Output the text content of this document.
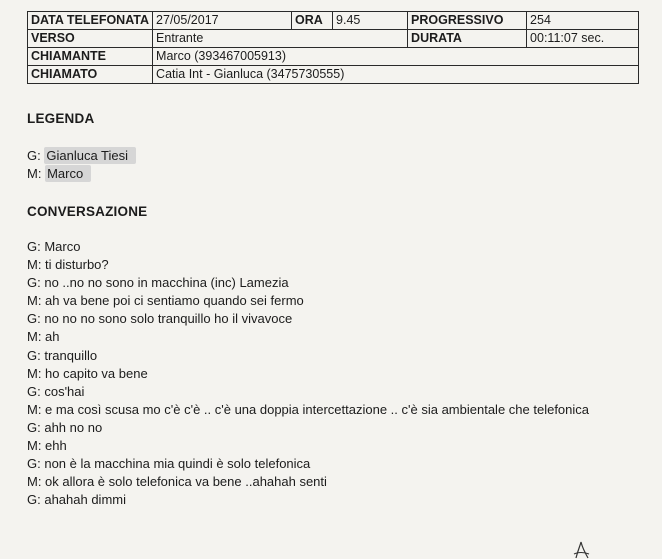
DATA TELEFONATA	27/05/2017	ORA	9.45	PROGRESSIVO	254
VERSO	Entrante			DURATA	00:11:07 sec.
CHIAMANTE	Marco (393467005913)				
CHIAMATO	Catia Int - Gianluca (3475730555)				
LEGENDA
G: Gianluca Tiesi
M: Marco
CONVERSAZIONE
G: Marco
M: ti disturbo?
G: no ..no no sono in macchina (inc) Lamezia
M: ah va bene poi ci sentiamo quando sei fermo
G: no no no sono solo tranquillo ho il vivavoce
M: ah
G: tranquillo
M: ho capito va bene
G: cos'hai
M: e ma così scusa mo c'è c'è .. c'è una doppia intercettazione .. c'è sia ambientale che telefonica
G: ahh no no
M: ehh
G: non è la macchina mia quindi è solo telefonica
M: ok allora è solo telefonica va bene ..ahahah senti
G: ahahah dimmi
